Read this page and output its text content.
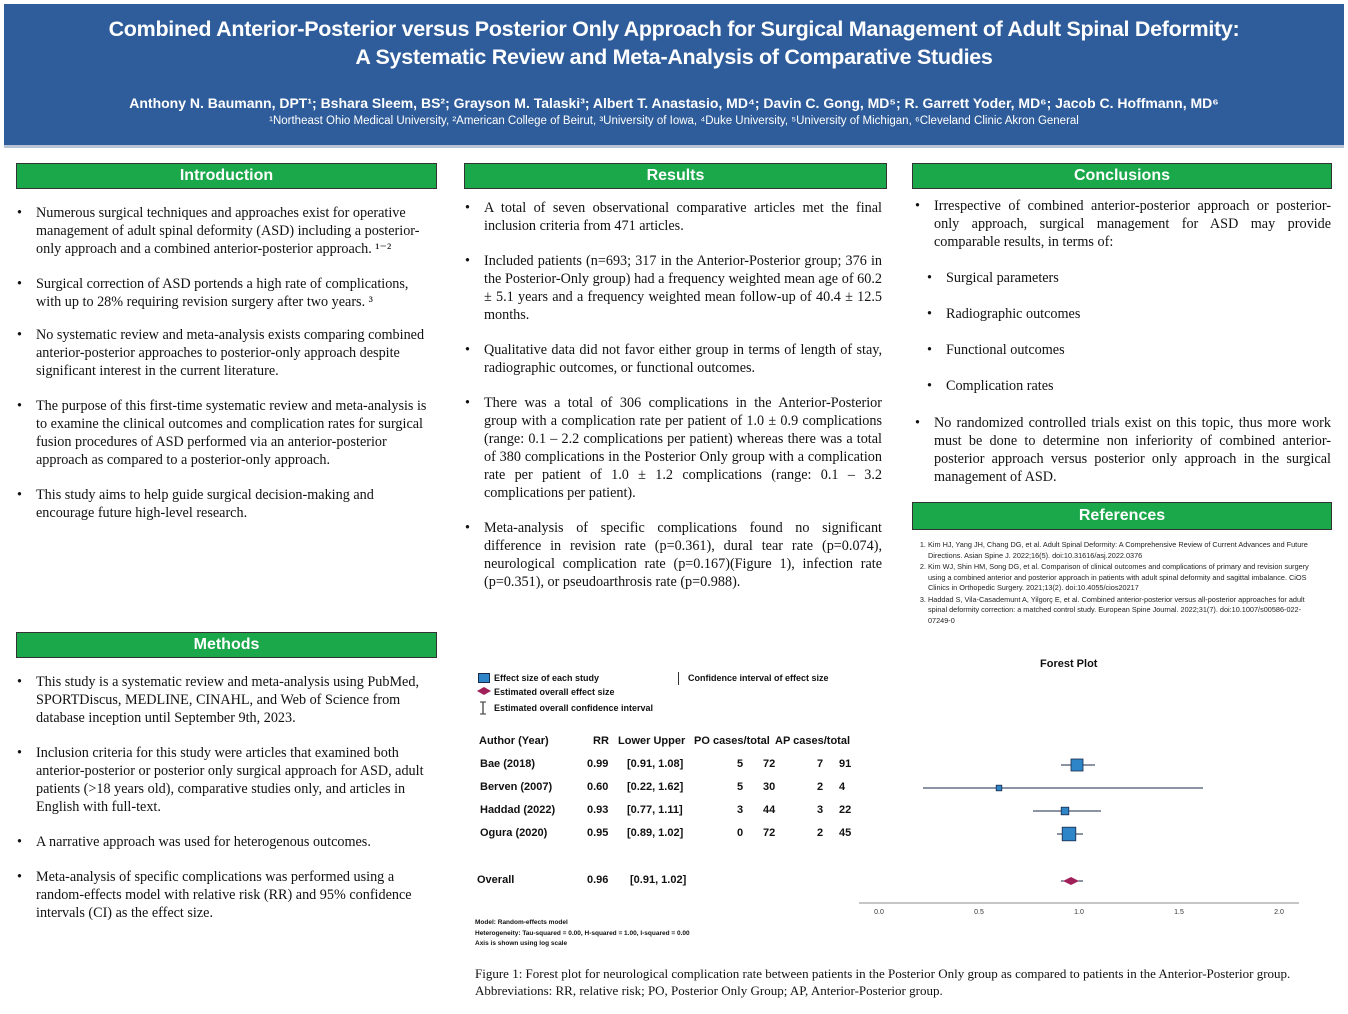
Combined Anterior-Posterior versus Posterior Only Approach for Surgical Management of Adult Spinal Deformity:
A Systematic Review and Meta-Analysis of Comparative Studies
Anthony N. Baumann, DPT¹; Bshara Sleem, BS²; Grayson M. Talaski³; Albert T. Anastasio, MD⁴; Davin C. Gong, MD⁵; R. Garrett Yoder, MD⁶; Jacob C. Hoffmann, MD⁶
¹Northeast Ohio Medical University, ²American College of Beirut, ³University of Iowa, ⁴Duke University, ⁵University of Michigan, ⁶Cleveland Clinic Akron General
Introduction
• Numerous surgical techniques and approaches exist for operative management of adult spinal deformity (ASD) including a posterior-only approach and a combined anterior-posterior approach. ¹⁻²
• Surgical correction of ASD portends a high rate of complications, with up to 28% requiring revision surgery after two years. ³
• No systematic review and meta-analysis exists comparing combined anterior-posterior approaches to posterior-only approach despite significant interest in the current literature.
• The purpose of this first-time systematic review and meta-analysis is to examine the clinical outcomes and complication rates for surgical fusion procedures of ASD performed via an anterior-posterior approach as compared to a posterior-only approach.
• This study aims to help guide surgical decision-making and encourage future high-level research.
Methods
• This study is a systematic review and meta-analysis using PubMed, SPORTDiscus, MEDLINE, CINAHL, and Web of Science from database inception until September 9th, 2023.
• Inclusion criteria for this study were articles that examined both anterior-posterior or posterior only surgical approach for ASD, adult patients (>18 years old), comparative studies only, and articles in English with full-text.
• A narrative approach was used for heterogenous outcomes.
• Meta-analysis of specific complications was performed using a random-effects model with relative risk (RR) and 95% confidence intervals (CI) as the effect size.
Results
• A total of seven observational comparative articles met the final inclusion criteria from 471 articles.
• Included patients (n=693; 317 in the Anterior-Posterior group; 376 in the Posterior-Only group) had a frequency weighted mean age of 60.2 ± 5.1 years and a frequency weighted mean follow-up of 40.4 ± 12.5 months.
• Qualitative data did not favor either group in terms of length of stay, radiographic outcomes, or functional outcomes.
• There was a total of 306 complications in the Anterior-Posterior group with a complication rate per patient of 1.0 ± 0.9 complications (range: 0.1 – 2.2 complications per patient) whereas there was a total of 380 complications in the Posterior Only group with a complication rate per patient of 1.0 ± 1.2 complications (range: 0.1 – 3.2 complications per patient).
• Meta-analysis of specific complications found no significant difference in revision rate (p=0.361), dural tear rate (p=0.074), neurological complication rate (p=0.167)(Figure 1), infection rate (p=0.351), or pseudoarthrosis rate (p=0.988).
Conclusions
• Irrespective of combined anterior-posterior approach or posterior-only approach, surgical management for ASD may provide comparable results, in terms of:
• Surgical parameters
• Radiographic outcomes
• Functional outcomes
• Complication rates
• No randomized controlled trials exist on this topic, thus more work must be done to determine non inferiority of combined anterior-posterior approach versus posterior only approach in the surgical management of ASD.
References
1. Kim HJ, Yang JH, Chang DG, et al. Adult Spinal Deformity: A Comprehensive Review of Current Advances and Future Directions. Asian Spine J. 2022;16(5). doi:10.31616/asj.2022.0376
2. Kim WJ, Shin HM, Song DG, et al. Comparison of clinical outcomes and complications of primary and revision surgery using a combined anterior and posterior approach in patients with adult spinal deformity and sagittal imbalance. CiOS Clinics in Orthopedic Surgery. 2021;13(2). doi:10.4055/cios20217
3. Haddad S, Vila-Casademunt A, Yilgorç E, et al. Combined anterior-posterior versus all-posterior approaches for adult spinal deformity correction: a matched control study. European Spine Journal. 2022;31(7). doi:10.1007/s00586-022-07249-0
Effect size of each study
Estimated overall effect size
Estimated overall confidence interval
Confidence interval of effect size
Author (Year)	RR Lower Upper PO cases/total AP cases/total
Bae (2018)	0.99 [0.91, 1.08]	5 72	7 91
Berven (2007)	0.60 [0.22, 1.62]	5 30	2 4
Haddad (2022)	0.93 [0.77, 1.11]	3 44	3 22
Ogura (2020)	0.95 [0.89, 1.02]	0 72	2 45
Overall	0.96 [0.91, 1.02]
Model: Random-effects model
Heterogeneity: Tau-squared = 0.00, H-squared = 1.00, I-squared = 0.00
Axis is shown using log scale
Forest Plot
0.0	0.5	1.0	1.5	2.0
Figure 1: Forest plot for neurological complication rate between patients in the Posterior Only group as compared to patients in the Anterior-Posterior group. Abbreviations: RR, relative risk; PO, Posterior Only Group; AP, Anterior-Posterior group.
